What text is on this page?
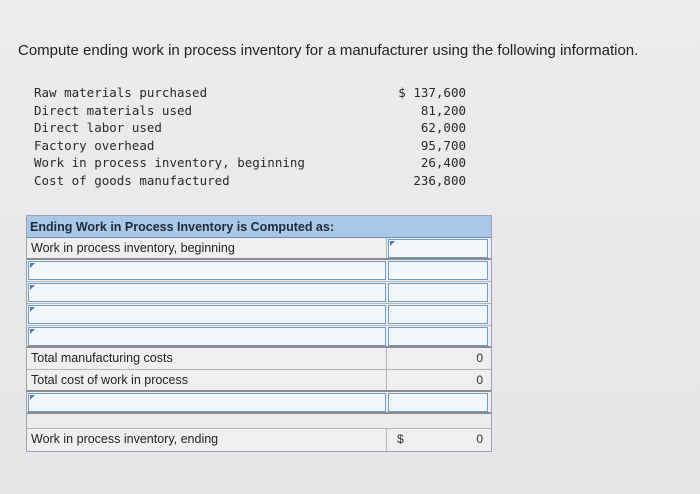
Compute ending work in process inventory for a manufacturer using the following information.
Raw materials purchased	$ 137,600
Direct materials used	81,200
Direct labor used	62,000
Factory overhead	95,700
Work in process inventory, beginning	26,400
Cost of goods manufactured	236,800
Ending Work in Process Inventory is Computed as:
Work in process inventory, beginning
Total manufacturing costs	0
Total cost of work in process	0
Work in process inventory, ending	$	0
